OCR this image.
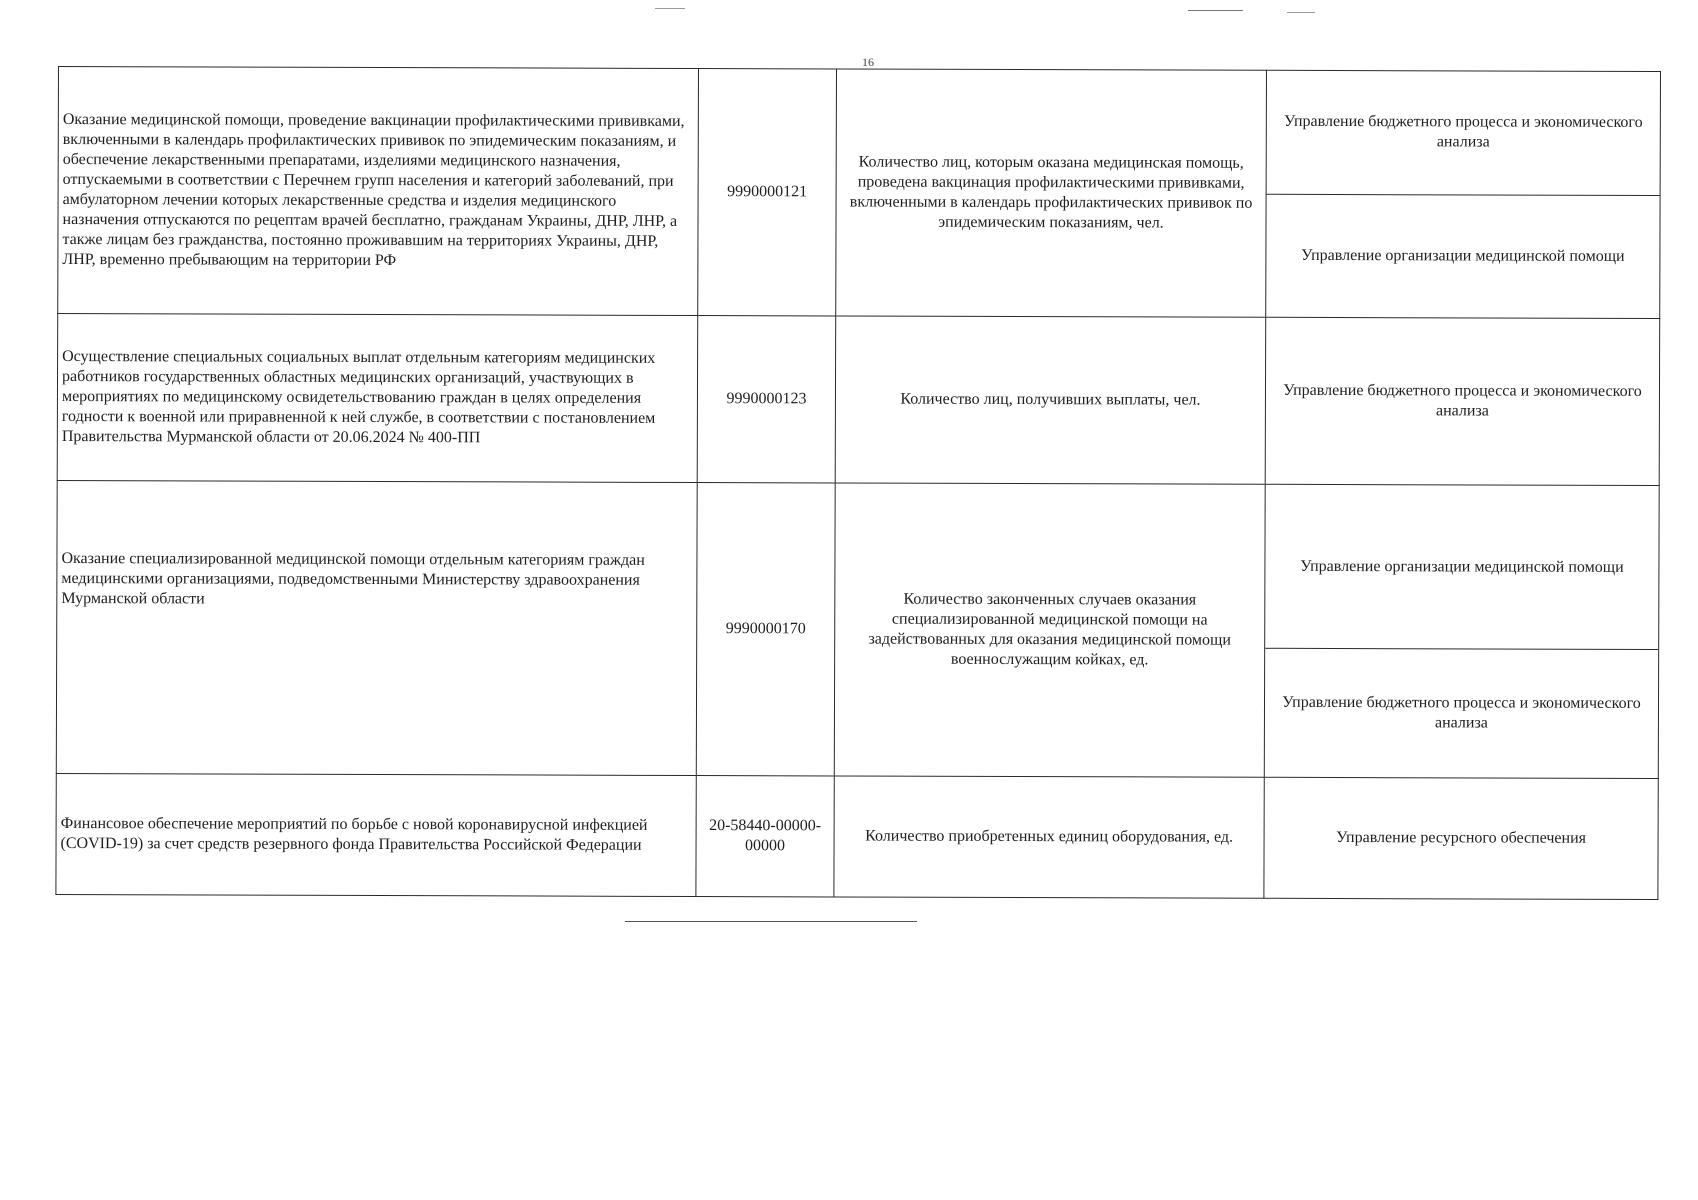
16
Оказание медицинской помощи, проведение вакцинации профилактическими прививками, включенными в календарь профилактических прививок по эпидемическим показаниям, и обеспечение лекарственными препаратами, изделиями медицинского назначения, отпускаемыми в соответствии с Перечнем групп населения и категорий заболеваний, при амбулаторном лечении которых лекарственные средства и изделия медицинского назначения отпускаются по рецептам врачей бесплатно, гражданам Украины, ДНР, ЛНР, а также лицам без гражданства, постоянно проживавшим на территориях Украины, ДНР, ЛНР, временно пребывающим на территории РФ	9990000121	Количество лиц, которым оказана медицинская помощь, проведена вакцинация профилактическими прививками, включенными в календарь профилактических прививок по эпидемическим показаниям, чел.	Управление бюджетного процесса и экономического анализа
Управление организации медицинской помощи

Осуществление специальных социальных выплат отдельным категориям медицинских работников государственных областных медицинских организаций, участвующих в мероприятиях по медицинскому освидетельствованию граждан в целях определения годности к военной или приравненной к ней службе, в соответствии с постановлением Правительства Мурманской области от 20.06.2024 № 400-ПП	9990000123	Количество лиц, получивших выплаты, чел.	Управление бюджетного процесса и экономического анализа

Оказание специализированной медицинской помощи отдельным категориям граждан медицинскими организациями, подведомственными Министерству здравоохранения Мурманской области	9990000170	Количество законченных случаев оказания специализированной медицинской помощи на задействованных для оказания медицинской помощи военнослужащим койках, ед.	Управление организации медицинской помощи
Управление бюджетного процесса и экономического анализа

Финансовое обеспечение мероприятий по борьбе с новой коронавирусной инфекцией (COVID-19) за счет средств резервного фонда Правительства Российской Федерации	20-58440-00000-00000	Количество приобретенных единиц оборудования, ед.	Управление ресурсного обеспечения
